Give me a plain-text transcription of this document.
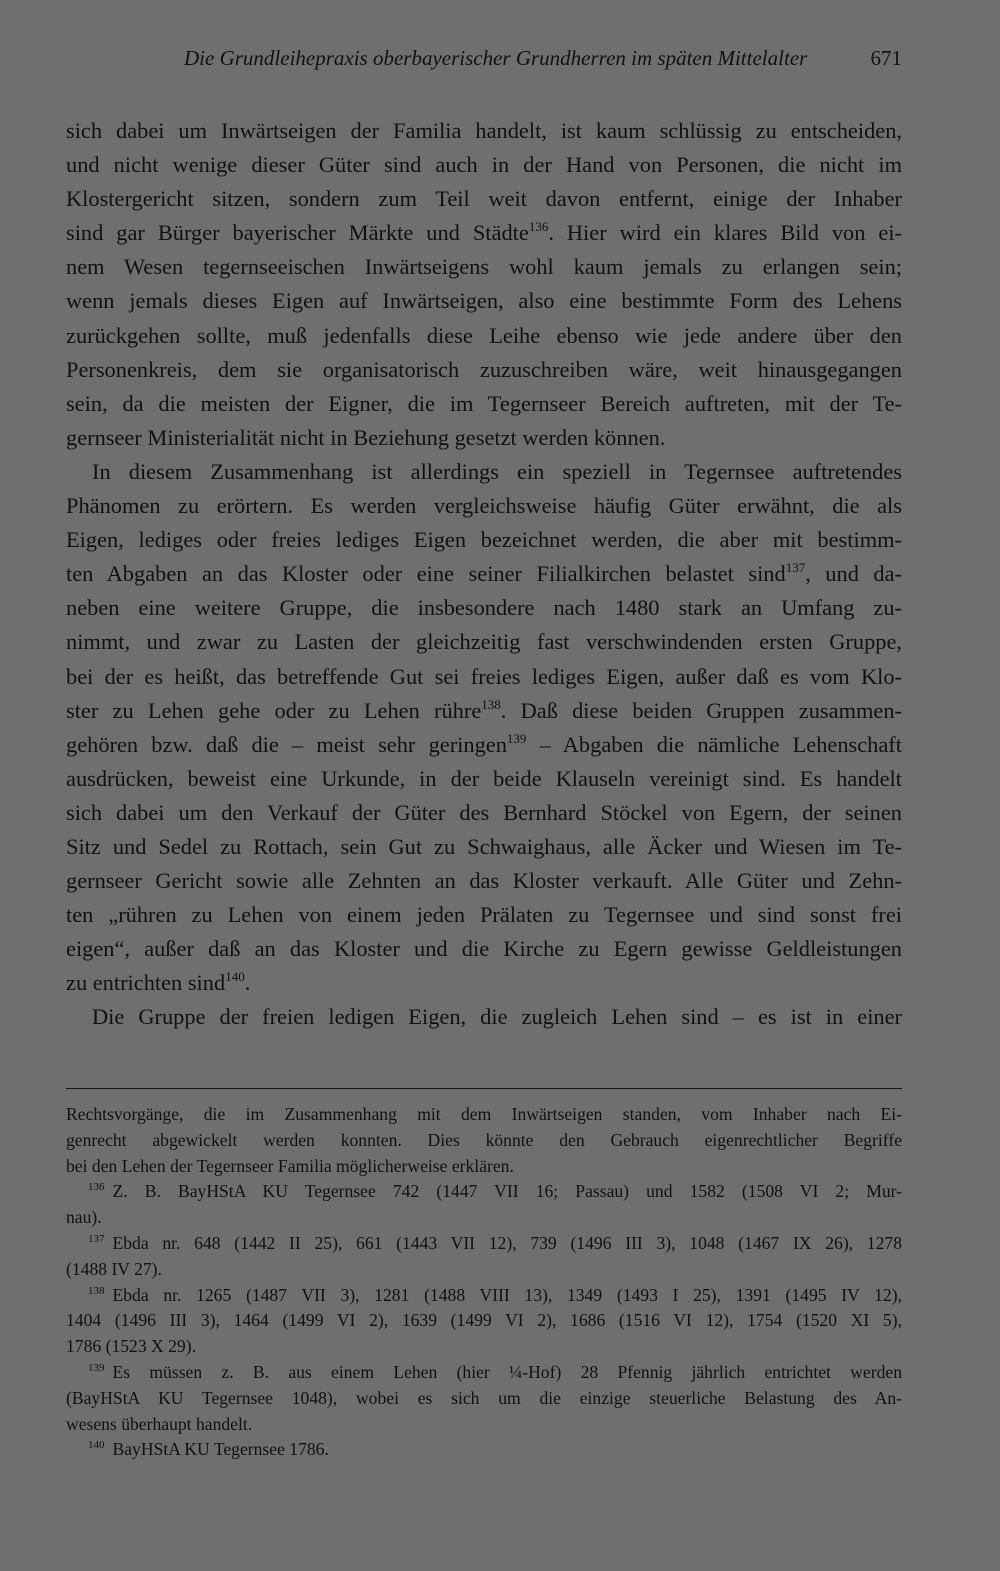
Die Grundleihepraxis oberbayerischer Grundherren im späten Mittelalter	671
sich dabei um Inwärtseigen der Familia handelt, ist kaum schlüssig zu entscheiden,
und nicht wenige dieser Güter sind auch in der Hand von Personen, die nicht im
Klostergericht sitzen, sondern zum Teil weit davon entfernt, einige der Inhaber
sind gar Bürger bayerischer Märkte und Städte$^{136}$. Hier wird ein klares Bild von ei-
nem Wesen tegernseeischen Inwärtseigens wohl kaum jemals zu erlangen sein;
wenn jemals dieses Eigen auf Inwärtseigen, also eine bestimmte Form des Lehens
zurückgehen sollte, muß jedenfalls diese Leihe ebenso wie jede andere über den
Personenkreis, dem sie organisatorisch zuzuschreiben wäre, weit hinausgegangen
sein, da die meisten der Eigner, die im Tegernseer Bereich auftreten, mit der Te-
gernseer Ministerialität nicht in Beziehung gesetzt werden können.
In diesem Zusammenhang ist allerdings ein speziell in Tegernsee auftretendes
Phänomen zu erörtern. Es werden vergleichsweise häufig Güter erwähnt, die als
Eigen, lediges oder freies lediges Eigen bezeichnet werden, die aber mit bestimm-
ten Abgaben an das Kloster oder eine seiner Filialkirchen belastet sind$^{137}$, und da-
neben eine weitere Gruppe, die insbesondere nach 1480 stark an Umfang zu-
nimmt, und zwar zu Lasten der gleichzeitig fast verschwindenden ersten Gruppe,
bei der es heißt, das betreffende Gut sei freies lediges Eigen, außer daß es vom Klo-
ster zu Lehen gehe oder zu Lehen rühre$^{138}$. Daß diese beiden Gruppen zusammen-
gehören bzw. daß die – meist sehr geringen$^{139}$ – Abgaben die nämliche Lehenschaft
ausdrücken, beweist eine Urkunde, in der beide Klauseln vereinigt sind. Es handelt
sich dabei um den Verkauf der Güter des Bernhard Stöckel von Egern, der seinen
Sitz und Sedel zu Rottach, sein Gut zu Schwaighaus, alle Äcker und Wiesen im Te-
gernseer Gericht sowie alle Zehnten an das Kloster verkauft. Alle Güter und Zehn-
ten „rühren zu Lehen von einem jeden Prälaten zu Tegernsee und sind sonst frei
eigen“, außer daß an das Kloster und die Kirche zu Egern gewisse Geldleistungen
zu entrichten sind$^{140}$.
Die Gruppe der freien ledigen Eigen, die zugleich Lehen sind – es ist in einer
Rechtsvorgänge, die im Zusammenhang mit dem Inwärtseigen standen, vom Inhaber nach Ei-
genrecht abgewickelt werden konnten. Dies könnte den Gebrauch eigenrechtlicher Begriffe
bei den Lehen der Tegernseer Familia möglicherweise erklären.
$^{136}$ Z. B. BayHStA KU Tegernsee 742 (1447 VII 16; Passau) und 1582 (1508 VI 2; Mur-
nau).
$^{137}$ Ebda nr. 648 (1442 II 25), 661 (1443 VII 12), 739 (1496 III 3), 1048 (1467 IX 26), 1278
(1488 IV 27).
$^{138}$ Ebda nr. 1265 (1487 VII 3), 1281 (1488 VIII 13), 1349 (1493 I 25), 1391 (1495 IV 12),
1404 (1496 III 3), 1464 (1499 VI 2), 1639 (1499 VI 2), 1686 (1516 VI 12), 1754 (1520 XI 5),
1786 (1523 X 29).
$^{139}$ Es müssen z. B. aus einem Lehen (hier ¼-Hof) 28 Pfennig jährlich entrichtet werden
(BayHStA KU Tegernsee 1048), wobei es sich um die einzige steuerliche Belastung des An-
wesens überhaupt handelt.
$^{140}$ BayHStA KU Tegernsee 1786.
